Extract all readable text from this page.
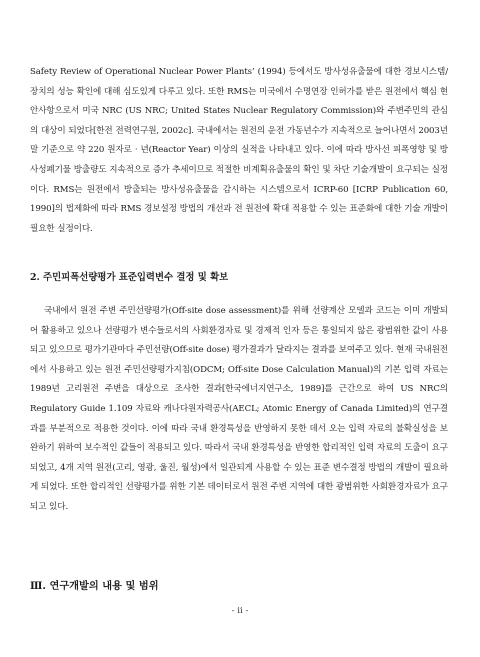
Safety Review of Operational Nuclear Power Plants’ (1994) 등에서도 방사성유출물에 대한 경보시스템/장치의 성능 확인에 대해 심도있게 다루고 있다. 또한 RMS는 미국에서 수명연장 인허가를 받은 원전에서 핵심 현안사항으로서 미국 NRC (US NRC; United States Nuclear Regulatory Commission)와 주변주민의 관심의 대상이 되었다[한전 전력연구원, 2002c]. 국내에서는 원전의 운전 가동년수가 지속적으로 늘어나면서 2003년 말 기준으로 약 220 원자로 · 년(Reactor Year) 이상의 실적을 나타내고 있다. 이에 따라 방사선 피폭영향 및 방사성폐기물 방출량도 지속적으로 증가 추세이므로 적절한 비계획유출물의 확인 및 차단 기술개발이 요구되는 실정이다. RMS는 원전에서 방출되는 방사성유출물을 감시하는 시스템으로서 ICRP-60 [ICRP Publication 60, 1990]의 법제화에 따라 RMS 경보설정 방법의 개선과 전 원전에 확대 적용할 수 있는 표준화에 대한 기술 개발이 필요한 실정이다.

2. 주민피폭선량평가 표준입력변수 결정 및 확보

국내에서 원전 주변 주민선량평가(Off-site dose assessment)를 위해 선량계산 모델과 코드는 이미 개발되어 활용하고 있으나 선량평가 변수들로서의 사회환경자료 및 경제적 인자 등은 통일되지 않은 광범위한 값이 사용되고 있으므로 평가기관마다 주민선량(Off-site dose) 평가결과가 달라지는 결과를 보여주고 있다. 현재 국내원전에서 사용하고 있는 원전 주민선량평가지침(ODCM; Off-site Dose Calculation Manual)의 기본 입력 자료는 1989년 고리원전 주변을 대상으로 조사한 결과[한국에너지연구소, 1989]를 근간으로 하여 US NRC의 Regulatory Guide 1.109 자료와 캐나다원자력공사(AECL; Atomic Energy of Canada Limited)의 연구결과를 부분적으로 적용한 것이다. 이에 따라 국내 환경특성을 반영하지 못한 데서 오는 입력 자료의 불확실성을 보완하기 위하여 보수적인 값들이 적용되고 있다. 따라서 국내 환경특성을 반영한 합리적인 입력 자료의 도출이 요구되었고, 4개 지역 원전(고리, 영광, 울진, 월성)에서 일관되게 사용할 수 있는 표준 변수결정 방법의 개발이 필요하게 되었다. 또한 합리적인 선량평가를 위한 기본 데이터로서 원전 주변 지역에 대한 광범위한 사회환경자료가 요구되고 있다.

Ⅲ. 연구개발의 내용 및 범위
- ii -
